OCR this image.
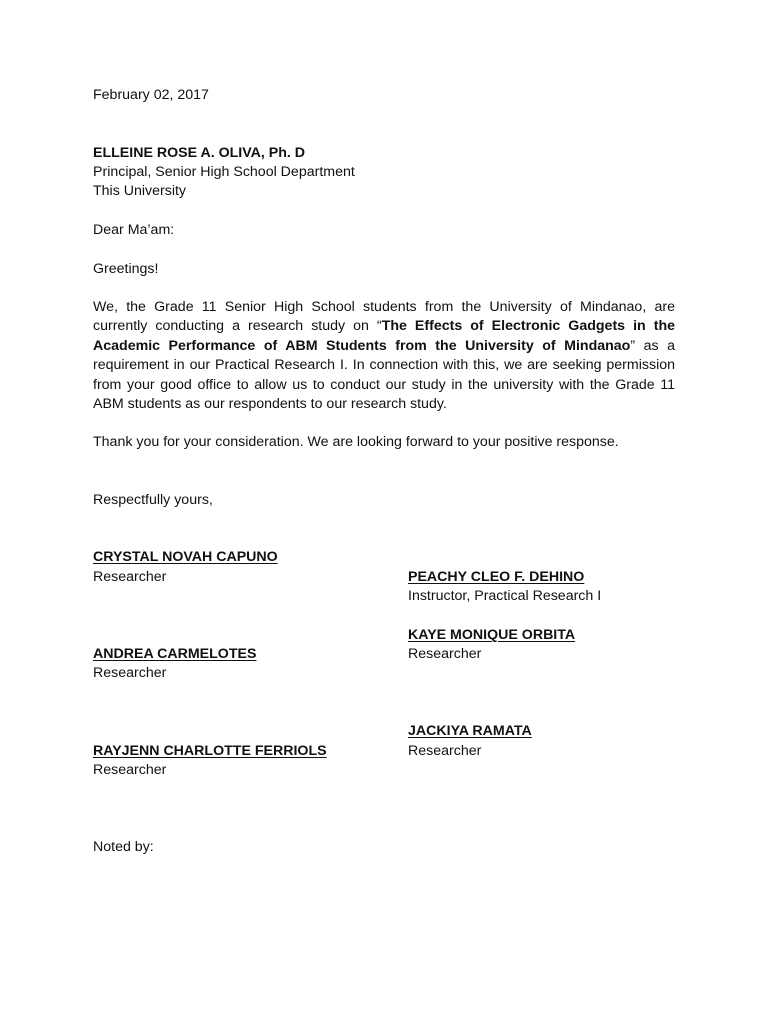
February 02, 2017
ELLEINE ROSE A. OLIVA, Ph. D
Principal, Senior High School Department
This University
Dear Ma’am:
Greetings!
We, the Grade 11 Senior High School students from the University of Mindanao, are currently conducting a research study on “The Effects of Electronic Gadgets in the Academic Performance of ABM Students from the University of Mindanao” as a requirement in our Practical Research I. In connection with this, we are seeking permission from your good office to allow us to conduct our study in the university with the Grade 11 ABM students as our respondents to our research study.
Thank you for your consideration. We are looking forward to your positive response.
Respectfully yours,
CRYSTAL NOVAH CAPUNO
Researcher	PEACHY CLEO F. DEHINO
Instructor, Practical Research I
KAYE MONIQUE ORBITA
Researcher
ANDREA CARMELOTES
Researcher
JACKIYA RAMATA
Researcher
RAYJENN CHARLOTTE FERRIOLS
Researcher
Noted by:
